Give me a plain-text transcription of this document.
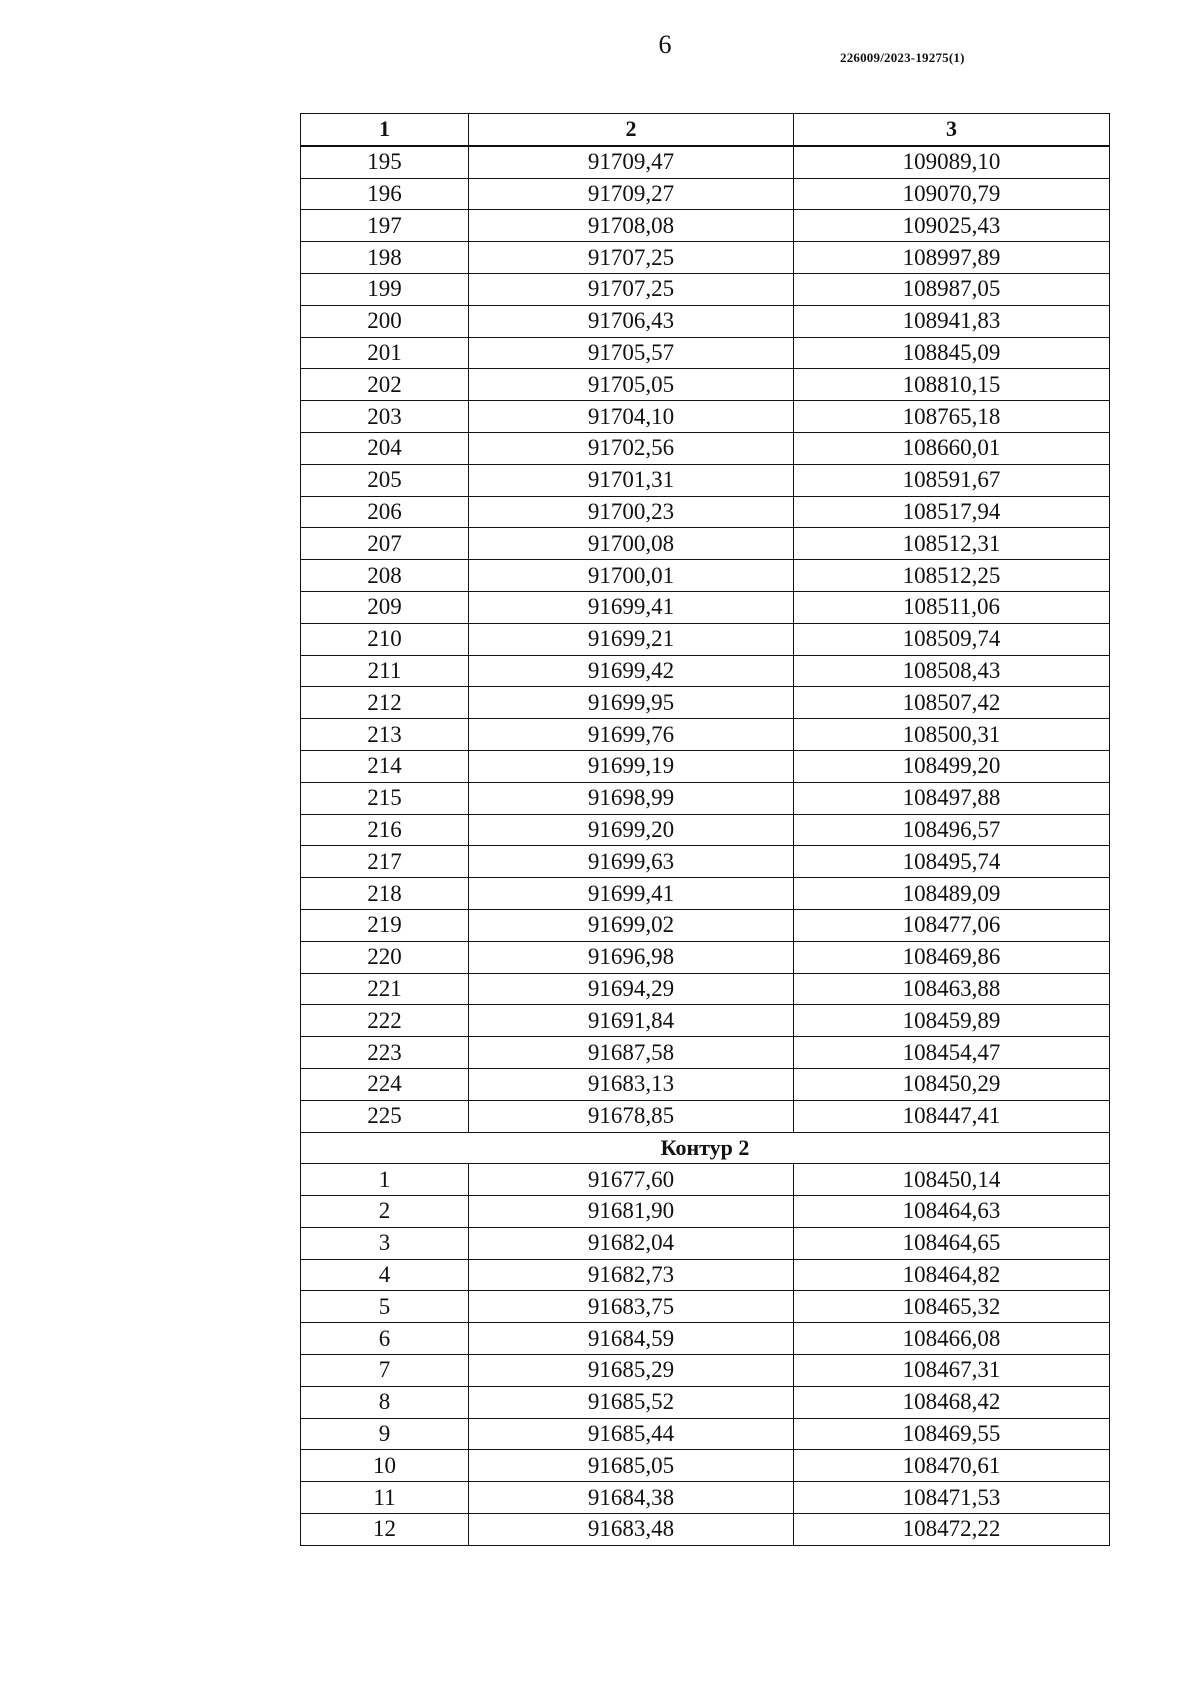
6	226009/2023-19275(1)
1	2	3
195	91709,47	109089,10
196	91709,27	109070,79
197	91708,08	109025,43
198	91707,25	108997,89
199	91707,25	108987,05
200	91706,43	108941,83
201	91705,57	108845,09
202	91705,05	108810,15
203	91704,10	108765,18
204	91702,56	108660,01
205	91701,31	108591,67
206	91700,23	108517,94
207	91700,08	108512,31
208	91700,01	108512,25
209	91699,41	108511,06
210	91699,21	108509,74
211	91699,42	108508,43
212	91699,95	108507,42
213	91699,76	108500,31
214	91699,19	108499,20
215	91698,99	108497,88
216	91699,20	108496,57
217	91699,63	108495,74
218	91699,41	108489,09
219	91699,02	108477,06
220	91696,98	108469,86
221	91694,29	108463,88
222	91691,84	108459,89
223	91687,58	108454,47
224	91683,13	108450,29
225	91678,85	108447,41
Контур 2		
1	91677,60	108450,14
2	91681,90	108464,63
3	91682,04	108464,65
4	91682,73	108464,82
5	91683,75	108465,32
6	91684,59	108466,08
7	91685,29	108467,31
8	91685,52	108468,42
9	91685,44	108469,55
10	91685,05	108470,61
11	91684,38	108471,53
12	91683,48	108472,22
